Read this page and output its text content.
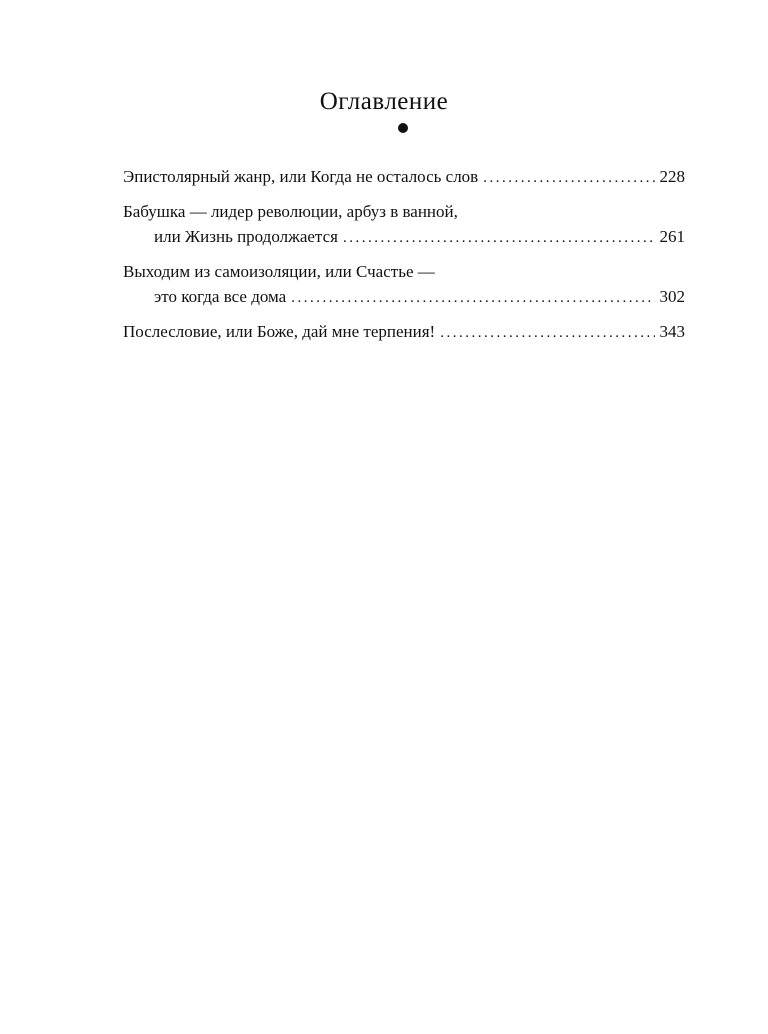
Оглавление
Эпистолярный жанр, или Когда не осталось слов .....	228
Бабушка — лидер революции, арбуз в ванной,
или Жизнь продолжается .....	261
Выходим из самоизоляции, или Счастье —
это когда все дома .....	302
Послесловие, или Боже, дай мне терпения! .....	343
